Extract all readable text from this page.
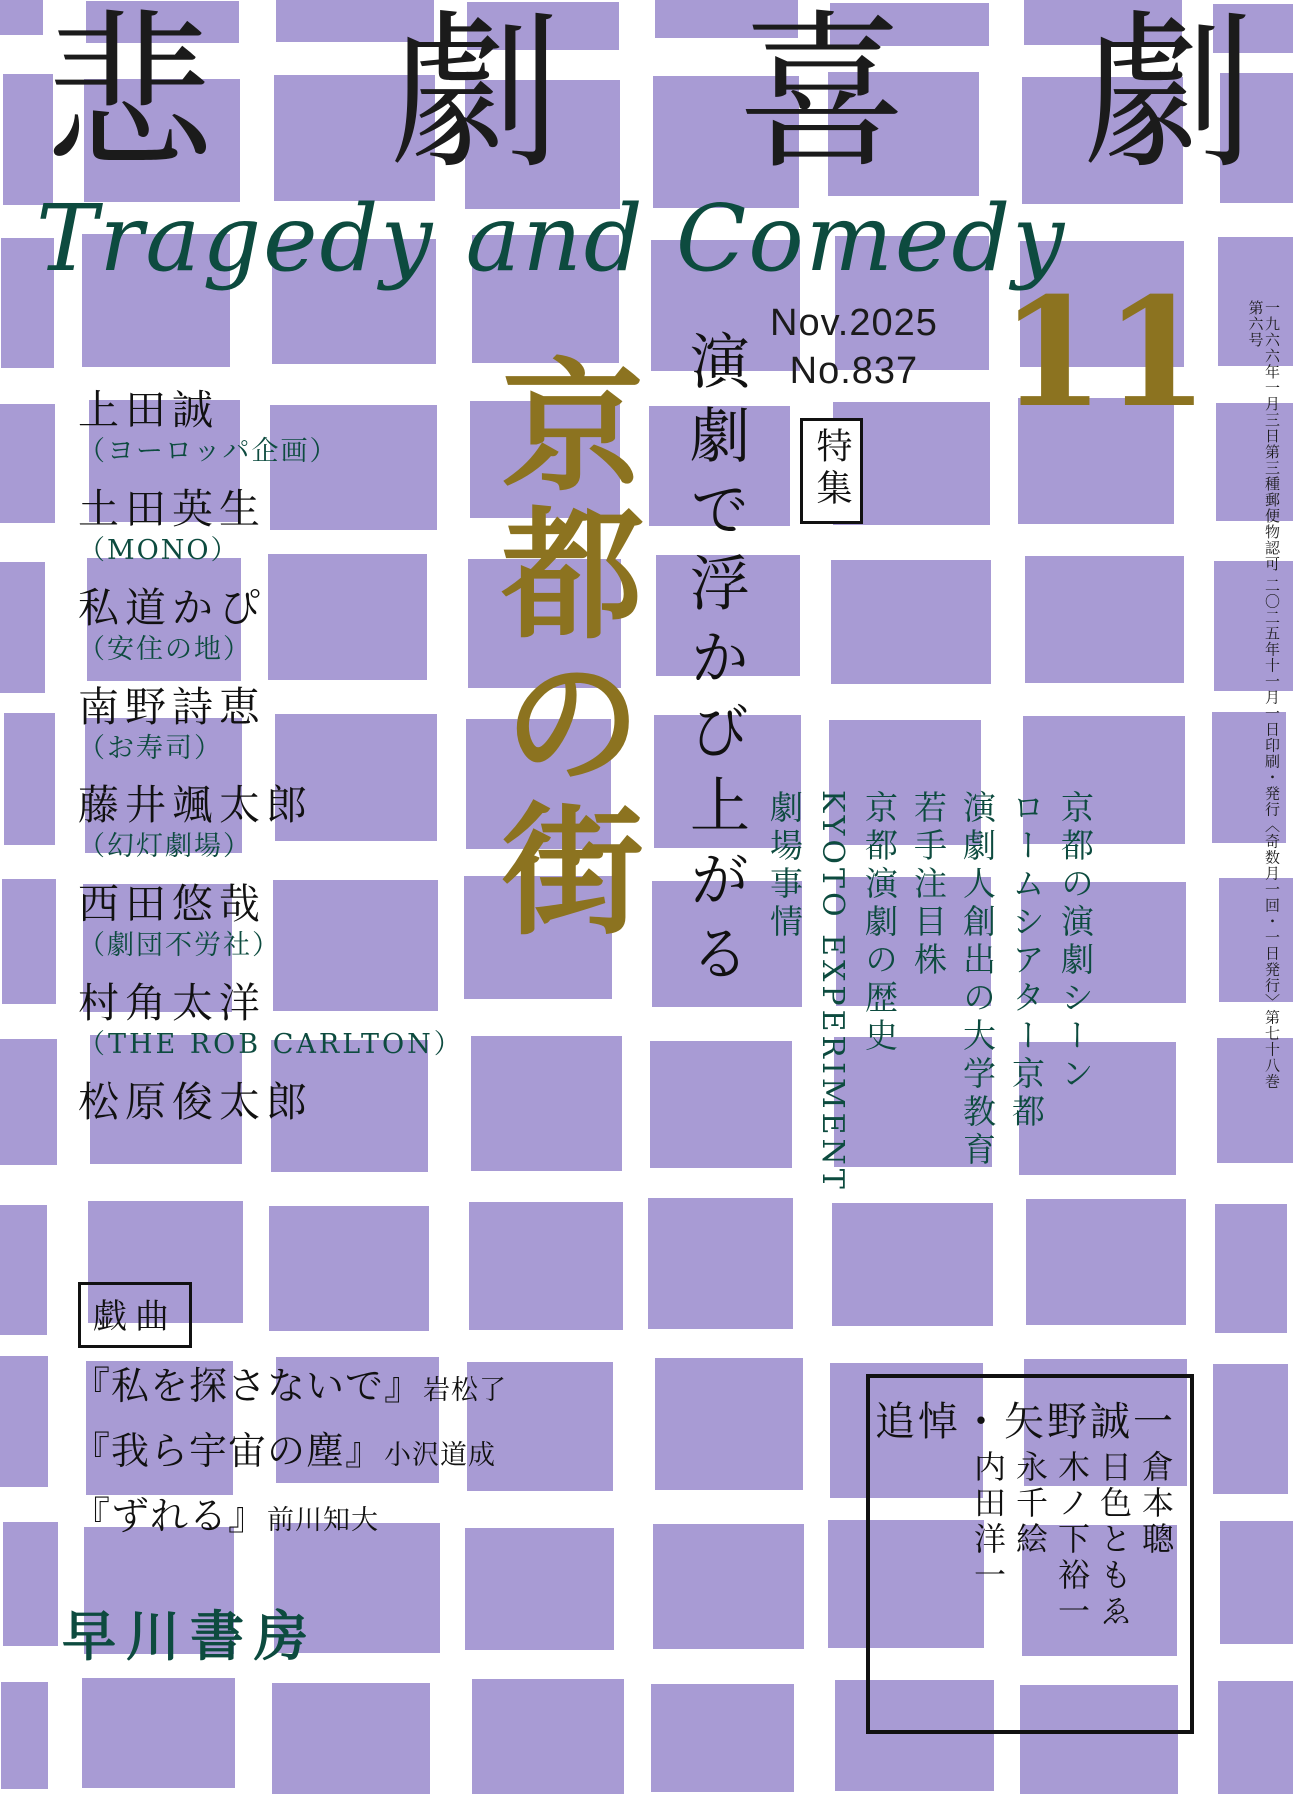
悲 劇 喜 劇
Tragedy and Comedy
Nov.2025
No.837 11	一九六六年一月三日第三種郵便物認可 二〇二五年十一月一日印刷・発行〈奇数月一回・一日発行〉第七十八巻 第六号
上田誠
（ヨーロッパ企画）
土田英生
（MONO）
私道かぴ
（安住の地）
南野詩恵
（お寿司）
藤井颯太郎
（幻灯劇場）
西田悠哉
（劇団不労社）
村角太洋
（THE ROB CARLTON）
松原俊太郎
戯曲
『私を探さないで』岩松了
『我ら宇宙の塵』小沢道成
『ずれる』前川知大
早川書房
京都の街 演劇で浮かび上がる	特集
京都の演劇シーン
ロームシアター京都
演劇人創出の大学教育
若手注目株
京都演劇の歴史
KYOTO EXPERIMENT
劇場事情
追悼・矢野誠一
内田洋一 永千絵 木ノ下裕一 日色ともゑ 倉本聰
